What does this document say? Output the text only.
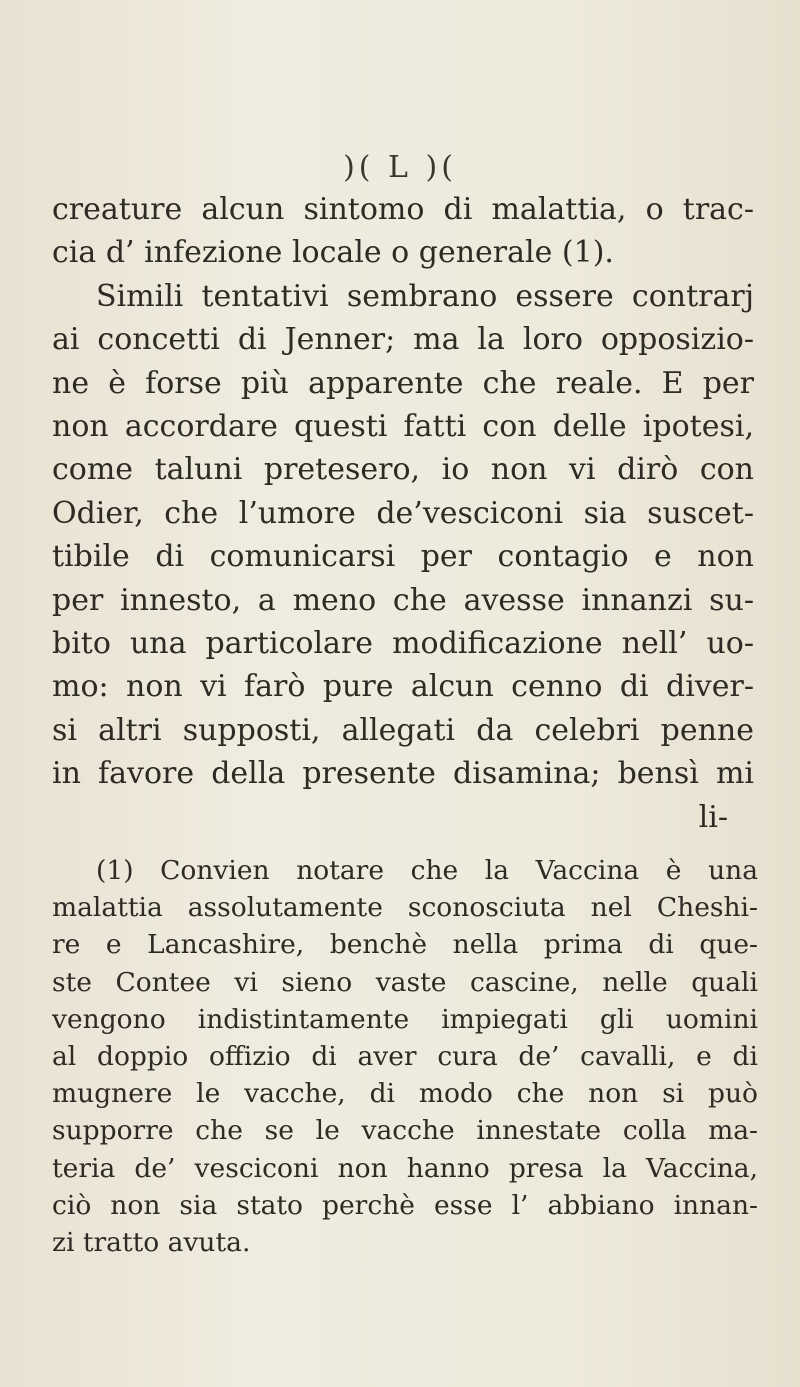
)( L )(
creature alcun sintomo di malattia, o trac-
cia d’ infezione locale o generale (1).
Simili tentativi sembrano essere contrarj
ai concetti di Jenner; ma la loro opposizio-
ne è forse più apparente che reale. E per
non accordare questi fatti con delle ipotesi,
come taluni pretesero, io non vi dirò con
Odier, che l’umore de’vesciconi sia suscet-
tibile di comunicarsi per contagio e non
per innesto, a meno che avesse innanzi su-
bito una particolare modificazione nell’ uo-
mo: non vi farò pure alcun cenno di diver-
si altri supposti, allegati da celebri penne
in favore della presente disamina; bensì mi
li-
(1) Convien notare che la Vaccina è una
malattia assolutamente sconosciuta nel Cheshi-
re e Lancashire, benchè nella prima di que-
ste Contee vi sieno vaste cascine, nelle quali
vengono indistintamente impiegati gli uomini
al doppio offizio di aver cura de’ cavalli, e di
mugnere le vacche, di modo che non si può
supporre che se le vacche innestate colla ma-
teria de’ vesciconi non hanno presa la Vaccina,
ciò non sia stato perchè esse l’ abbiano innan-
zi tratto avuta.
